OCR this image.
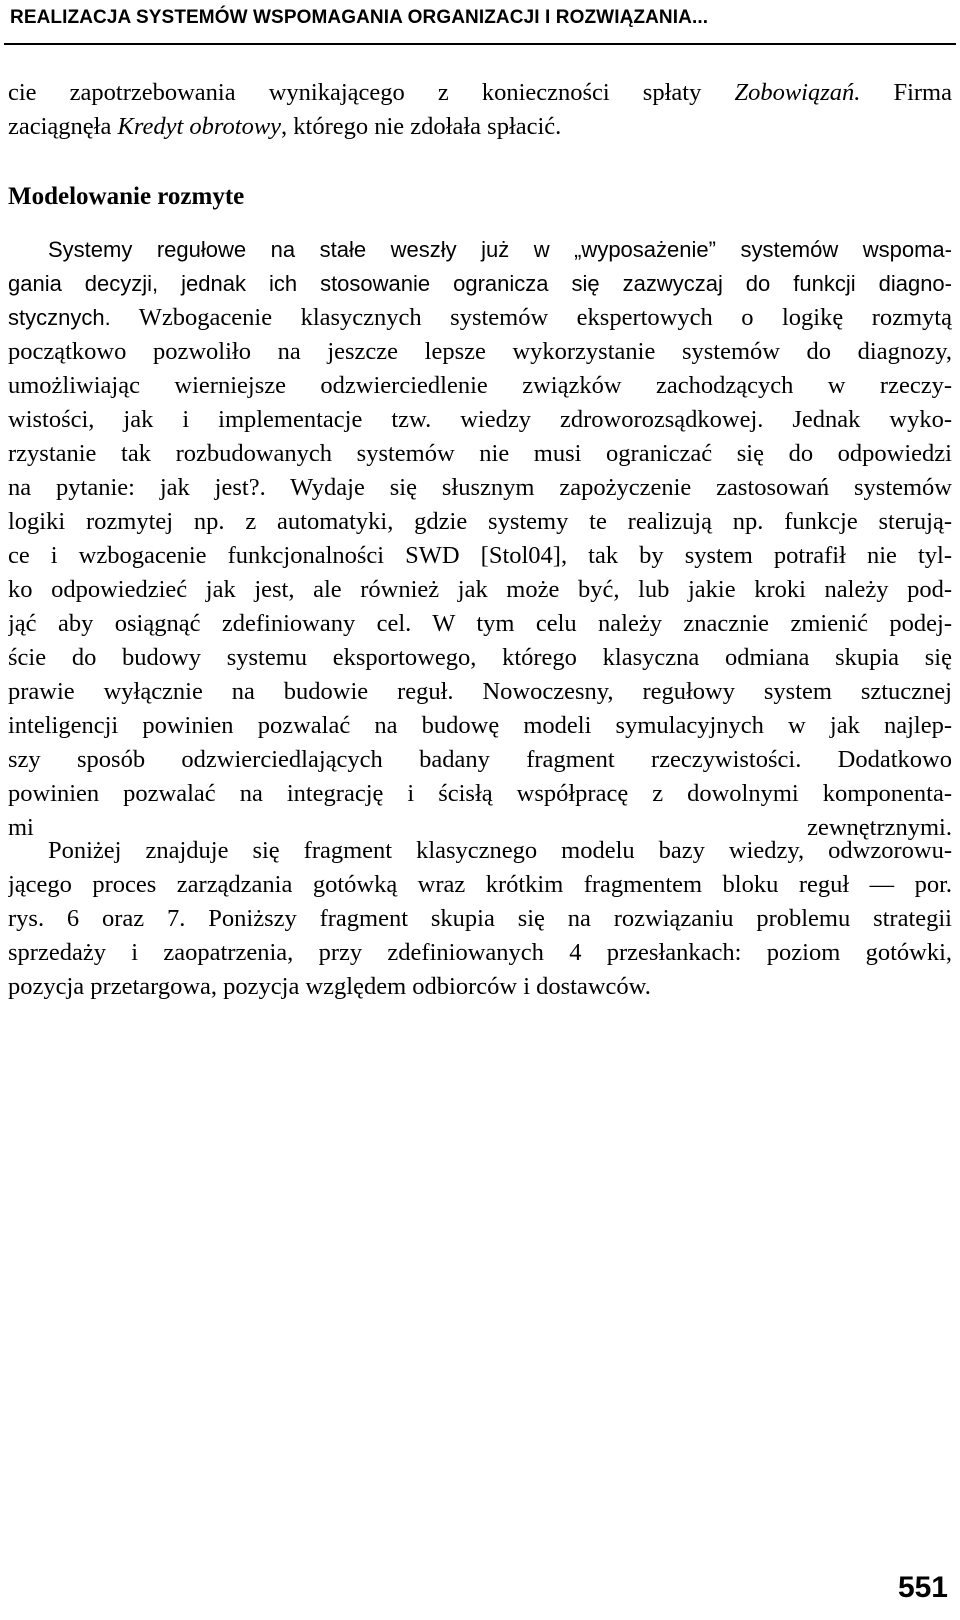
REALIZACJA SYSTEMÓW WSPOMAGANIA ORGANIZACJI I ROZWIĄZANIA...
cie zapotrzebowania wynikającego z konieczności spłaty Zobowiązań. Firma
zaciągnęła Kredyt obrotowy, którego nie zdołała spłacić.
Modelowanie rozmyte
Systemy regułowe na stałe weszły już w „wyposażenie” systemów wspoma-
gania decyzji, jednak ich stosowanie ogranicza się zazwyczaj do funkcji diagno-
stycznych. Wzbogacenie klasycznych systemów ekspertowych o logikę rozmytą
początkowo pozwoliło na jeszcze lepsze wykorzystanie systemów do diagnozy,
umożliwiając wierniejsze odzwierciedlenie związków zachodzących w rzeczy-
wistości, jak i implementacje tzw. wiedzy zdroworozsądkowej. Jednak wyko-
rzystanie tak rozbudowanych systemów nie musi ograniczać się do odpowiedzi
na pytanie: jak jest?. Wydaje się słusznym zapożyczenie zastosowań systemów
logiki rozmytej np. z automatyki, gdzie systemy te realizują np. funkcje sterują-
ce i wzbogacenie funkcjonalności SWD [Stol04], tak by system potrafił nie tyl-
ko odpowiedzieć jak jest, ale również jak może być, lub jakie kroki należy pod-
jąć aby osiągnąć zdefiniowany cel. W tym celu należy znacznie zmienić podej-
ście do budowy systemu eksportowego, którego klasyczna odmiana skupia się
prawie wyłącznie na budowie reguł. Nowoczesny, regułowy system sztucznej
inteligencji powinien pozwalać na budowę modeli symulacyjnych w jak najlep-
szy sposób odzwierciedlających badany fragment rzeczywistości. Dodatkowo
powinien pozwalać na integrację i ścisłą współpracę z dowolnymi komponenta-
mi zewnętrznymi.
Poniżej znajduje się fragment klasycznego modelu bazy wiedzy, odwzorowu-
jącego proces zarządzania gotówką wraz krótkim fragmentem bloku reguł — por.
rys. 6 oraz 7. Poniższy fragment skupia się na rozwiązaniu problemu strategii
sprzedaży i zaopatrzenia, przy zdefiniowanych 4 przesłankach: poziom gotówki,
pozycja przetargowa, pozycja względem odbiorców i dostawców.
551
